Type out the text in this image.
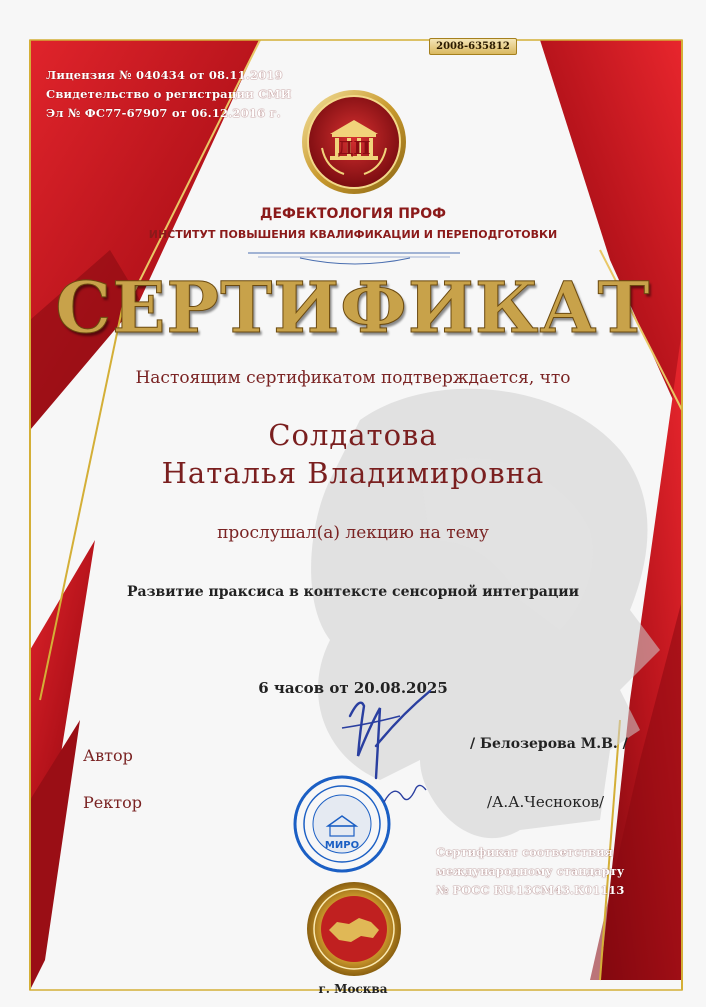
Лицензия № 040434 от 08.11.2019
Свидетельство о регистрации СМИ
Эл № ФС77-67907 от 06.12.2016 г.
2008-635812
ДП
ДЕФЕКТОЛОГИЯ ПРОФ
ИНСТИТУТ ПОВЫШЕНИЯ КВАЛИФИКАЦИИ И ПЕРЕПОДГОТОВКИ
СЕРТИФИКАТ
Настоящим сертификатом подтверждается, что
Солдатова
Наталья Владимировна
прослушал(а) лекцию на тему
Развитие праксиса в контексте сенсорной интеграции
6 часов от 20.08.2025
Автор
/ Белозерова М.В. /
Ректор	/А.А.Чесноков/
МИРО	Сертификат соответствия
международному стандарту
№ РОСС RU.13СМ43.К01113
г. Москва
